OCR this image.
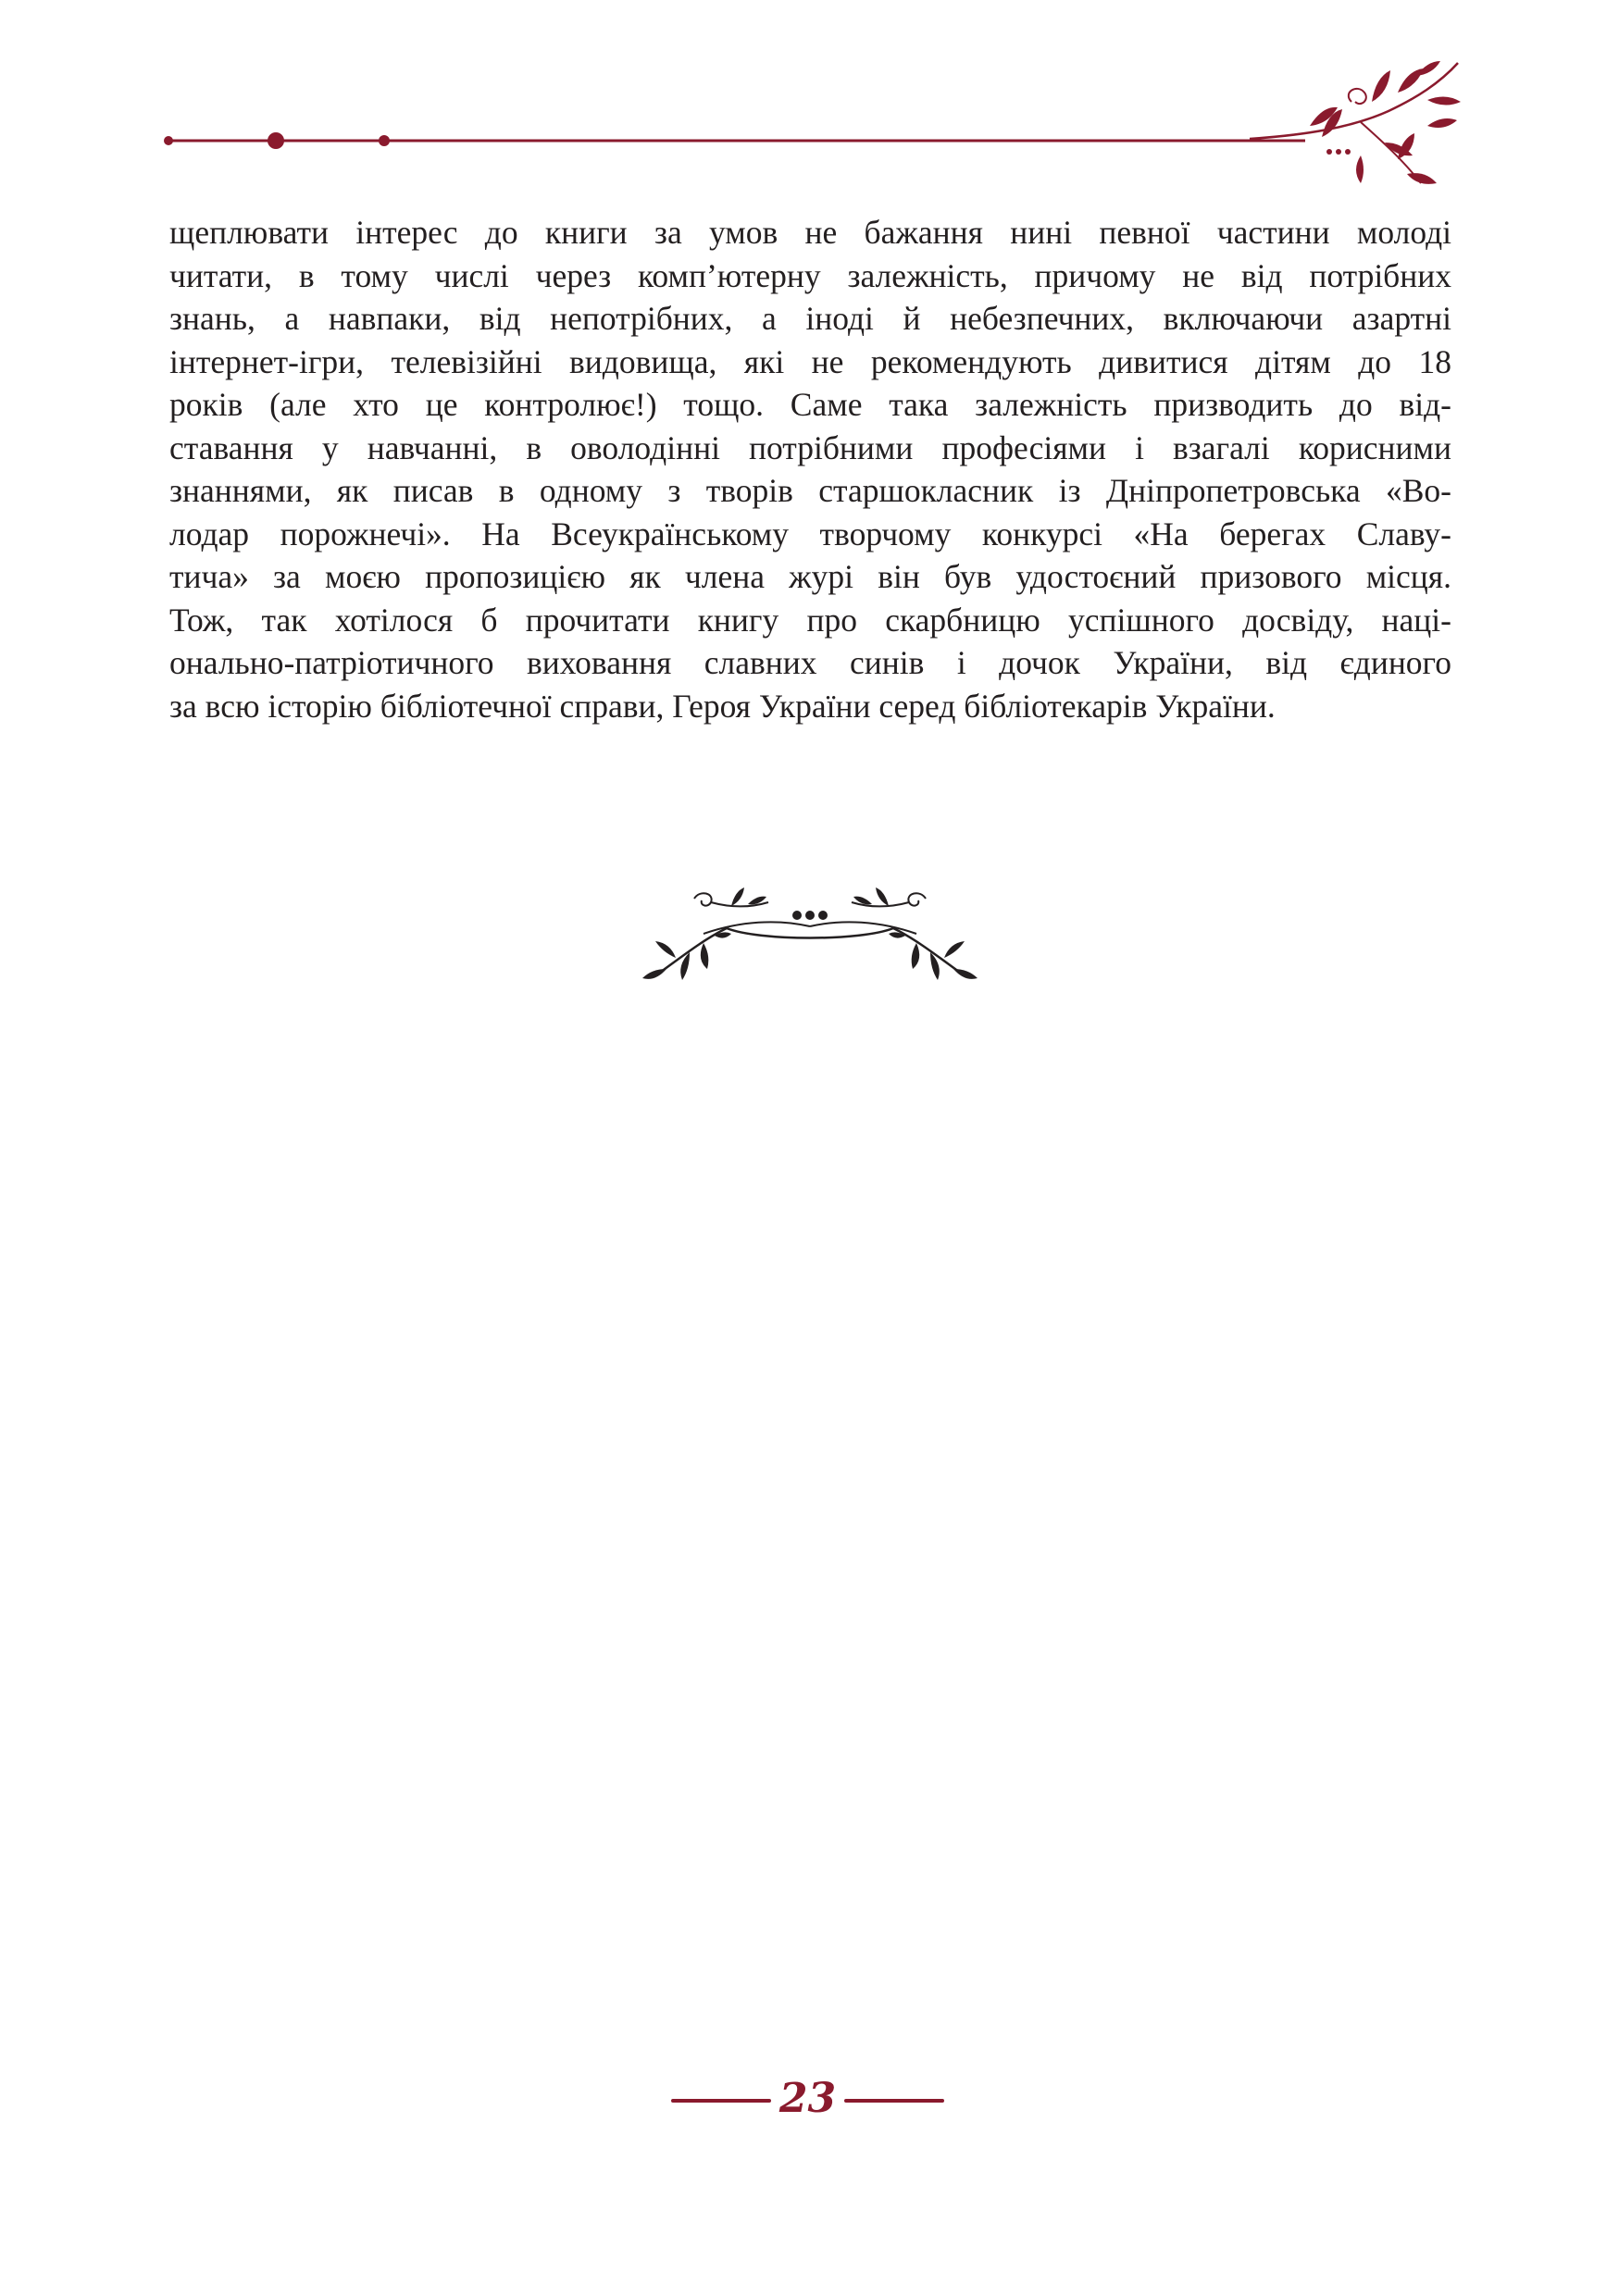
щеплювати інтерес до книги за умов не бажання нині певної частини молоді
читати, в тому числі через комп’ютерну залежність, причому не від потрібних
знань, а навпаки, від непотрібних, а іноді й небезпечних, включаючи азартні
інтернет-ігри, телевізійні видовища, які не рекомендують дивитися дітям до 18
років (але хто це контролює!) тощо. Саме така залежність призводить до від-
ставання у навчанні, в оволодінні потрібними професіями і взагалі корисними
знаннями, як писав в одному з творів старшокласник із Дніпропетровська «Во-
лодар порожнечі». На Всеукраїнському творчому конкурсі «На берегах Славу-
тича» за моєю пропозицією як члена журі він був удостоєний призового місця.
Тож, так хотілося б прочитати книгу про скарбницю успішного досвіду, наці-
онально-патріотичного виховання славних синів і дочок України, від єдиного
за всю історію бібліотечної справи, Героя України серед бібліотекарів України.
23
